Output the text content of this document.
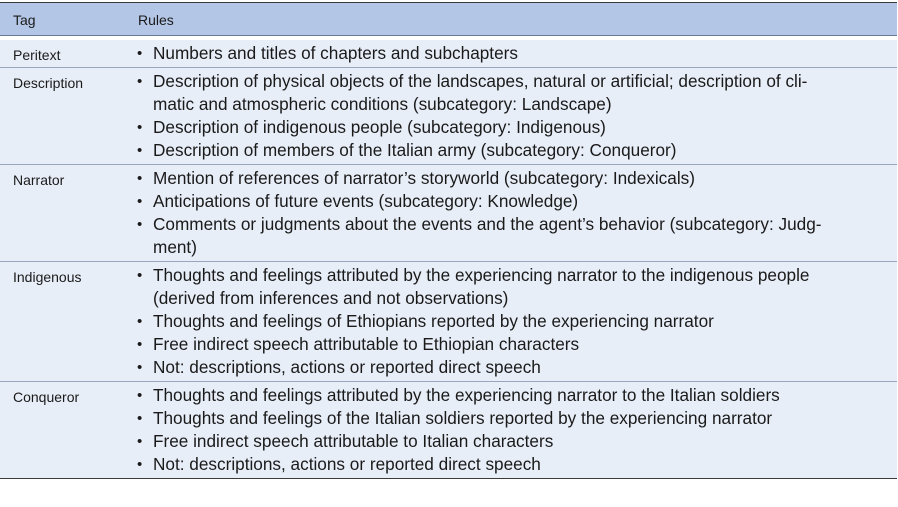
Tag	Rules
Peritext	• Numbers and titles of chapters and subchapters
Description	• Description of physical objects of the landscapes, natural or artificial; description of cli-
matic and atmospheric conditions (subcategory: Landscape)
• Description of indigenous people (subcategory: Indigenous)
• Description of members of the Italian army (subcategory: Conqueror)
Narrator	• Mention of references of narrator’s storyworld (subcategory: Indexicals)
• Anticipations of future events (subcategory: Knowledge)
• Comments or judgments about the events and the agent’s behavior (subcategory: Judg-
ment)
Indigenous	• Thoughts and feelings attributed by the experiencing narrator to the indigenous people
(derived from inferences and not observations)
• Thoughts and feelings of Ethiopians reported by the experiencing narrator
• Free indirect speech attributable to Ethiopian characters
• Not: descriptions, actions or reported direct speech
Conqueror	• Thoughts and feelings attributed by the experiencing narrator to the Italian soldiers
• Thoughts and feelings of the Italian soldiers reported by the experiencing narrator
• Free indirect speech attributable to Italian characters
• Not: descriptions, actions or reported direct speech
